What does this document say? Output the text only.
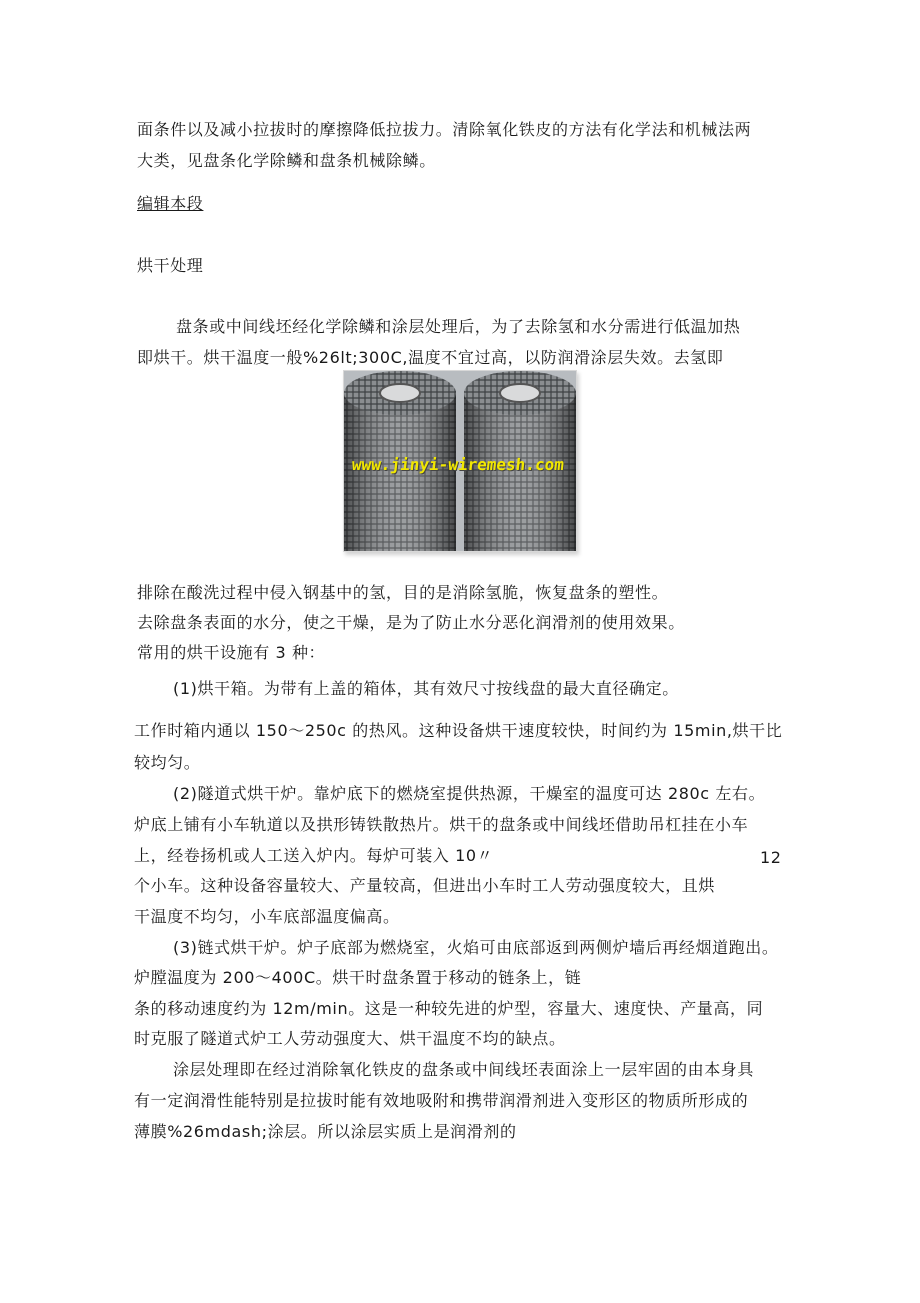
面条件以及减小拉拔时的摩擦降低拉拔力。清除氧化铁皮的方法有化学法和机械法两
大类，见盘条化学除鳞和盘条机械除鳞。
编辑本段
烘干处理
盘条或中间线坯经化学除鳞和涂层处理后，为了去除氢和水分需进行低温加热
即烘干。烘干温度一般%26lt;300C,温度不宜过高，以防润滑涂层失效。去氢即
www.jinyi-wiremesh.com
排除在酸洗过程中侵入钢基中的氢，目的是消除氢脆，恢复盘条的塑性。
去除盘条表面的水分，使之干燥，是为了防止水分恶化润滑剂的使用效果。
常用的烘干设施有 3 种：
(1)烘干箱。为带有上盖的箱体，其有效尺寸按线盘的最大直径确定。
工作时箱内通以 150〜250c 的热风。这种设备烘干速度较快，时间约为 15min,烘干比
较均匀。
(2)隧道式烘干炉。靠炉底下的燃烧室提供热源，干燥室的温度可达 280c 左右。
炉底上铺有小车轨道以及拱形铸铁散热片。烘干的盘条或中间线坯借助吊杠挂在小车
上，经卷扬机或人工送入炉内。每炉可装入 10〃	12
个小车。这种设备容量较大、产量较高，但进出小车时工人劳动强度较大，且烘
干温度不均匀，小车底部温度偏高。
(3)链式烘干炉。炉子底部为燃烧室，火焰可由底部返到两侧炉墙后再经烟道跑出。
炉膛温度为 200〜400C。烘干时盘条置于移动的链条上，链
条的移动速度约为 12m/min。这是一种较先进的炉型，容量大、速度快、产量高，同
时克服了隧道式炉工人劳动强度大、烘干温度不均的缺点。
涂层处理即在经过消除氧化铁皮的盘条或中间线坯表面涂上一层牢固的由本身具
有一定润滑性能特别是拉拔时能有效地吸附和携带润滑剂进入变形区的物质所形成的
薄膜%26mdash;涂层。所以涂层实质上是润滑剂的
